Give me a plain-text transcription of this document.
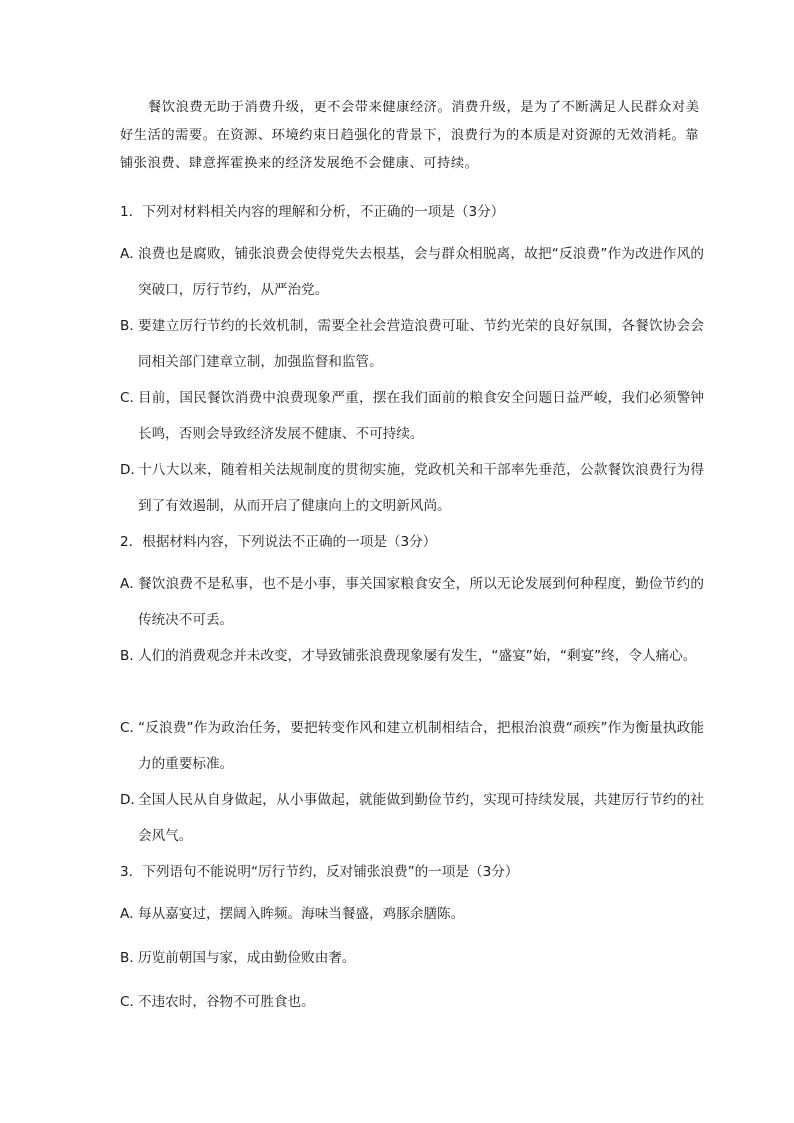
餐饮浪费无助于消费升级，更不会带来健康经济。消费升级，是为了不断满足人民群众对美好生活的需要。在资源、环境约束日趋强化的背景下，浪费行为的本质是对资源的无效消耗。靠铺张浪费、肆意挥霍换来的经济发展绝不会健康、可持续。

1．下列对材料相关内容的理解和分析，不正确的一项是（3分）

A．
浪费也是腐败，铺张浪费会使得党失去根基，会与群众相脱离，故把“反浪费”作为改进作风的突破口，厉行节约，从严治党。
B．
要建立厉行节约的长效机制，需要全社会营造浪费可耻、节约光荣的良好氛围，各餐饮协会会同相关部门建章立制，加强监督和监管。
C．
目前，国民餐饮消费中浪费现象严重，摆在我们面前的粮食安全问题日益严峻，我们必须警钟长鸣，否则会导致经济发展不健康、不可持续。
D．
十八大以来，随着相关法规制度的贯彻实施，党政机关和干部率先垂范，公款餐饮浪费行为得到了有效遏制，从而开启了健康向上的文明新风尚。

2．根据材料内容，下列说法不正确的一项是（3分）

A．
餐饮浪费不是私事，也不是小事，事关国家粮食安全，所以无论发展到何种程度，勤俭节约的传统决不可丢。
B．
人们的消费观念并未改变，才导致铺张浪费现象屡有发生，“盛宴”始，“剩宴”终，令人痛心。
C．
“反浪费”作为政治任务，要把转变作风和建立机制相结合，把根治浪费“顽疾”作为衡量执政能力的重要标准。
D．
全国人民从自身做起，从小事做起，就能做到勤俭节约，实现可持续发展，共建厉行节约的社会风气。

3．下列语句不能说明“厉行节约，反对铺张浪费”的一项是（3分）

A．
每从嘉宴过，摆阔入眸频。海味当餐盛，鸡豚余膳陈。
B．
历览前朝国与家，成由勤俭败由奢。
C．
不违农时，谷物不可胜食也。
